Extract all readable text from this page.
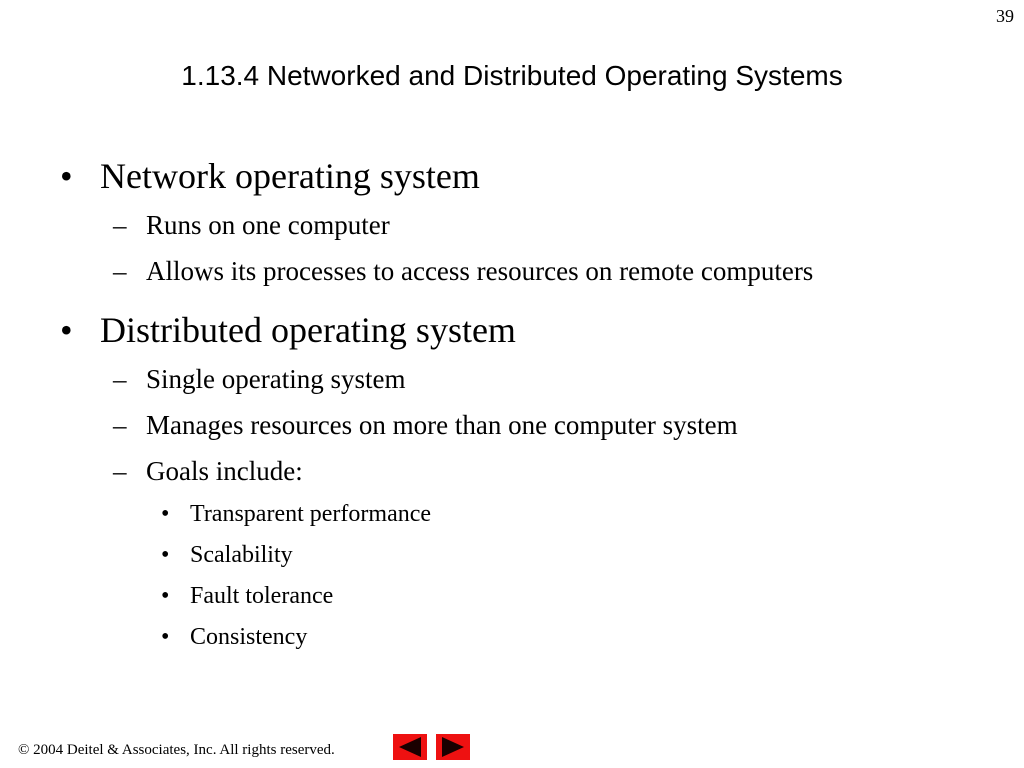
39
1.13.4 Networked and Distributed Operating Systems

• Network operating system

– Runs on one computer

– Allows its processes to access resources on remote computers

• Distributed operating system

– Single operating system

– Manages resources on more than one computer system

– Goals include:

• Transparent performance

• Scalability

• Fault tolerance

• Consistency

© 2004 Deitel & Associates, Inc. All rights reserved.
